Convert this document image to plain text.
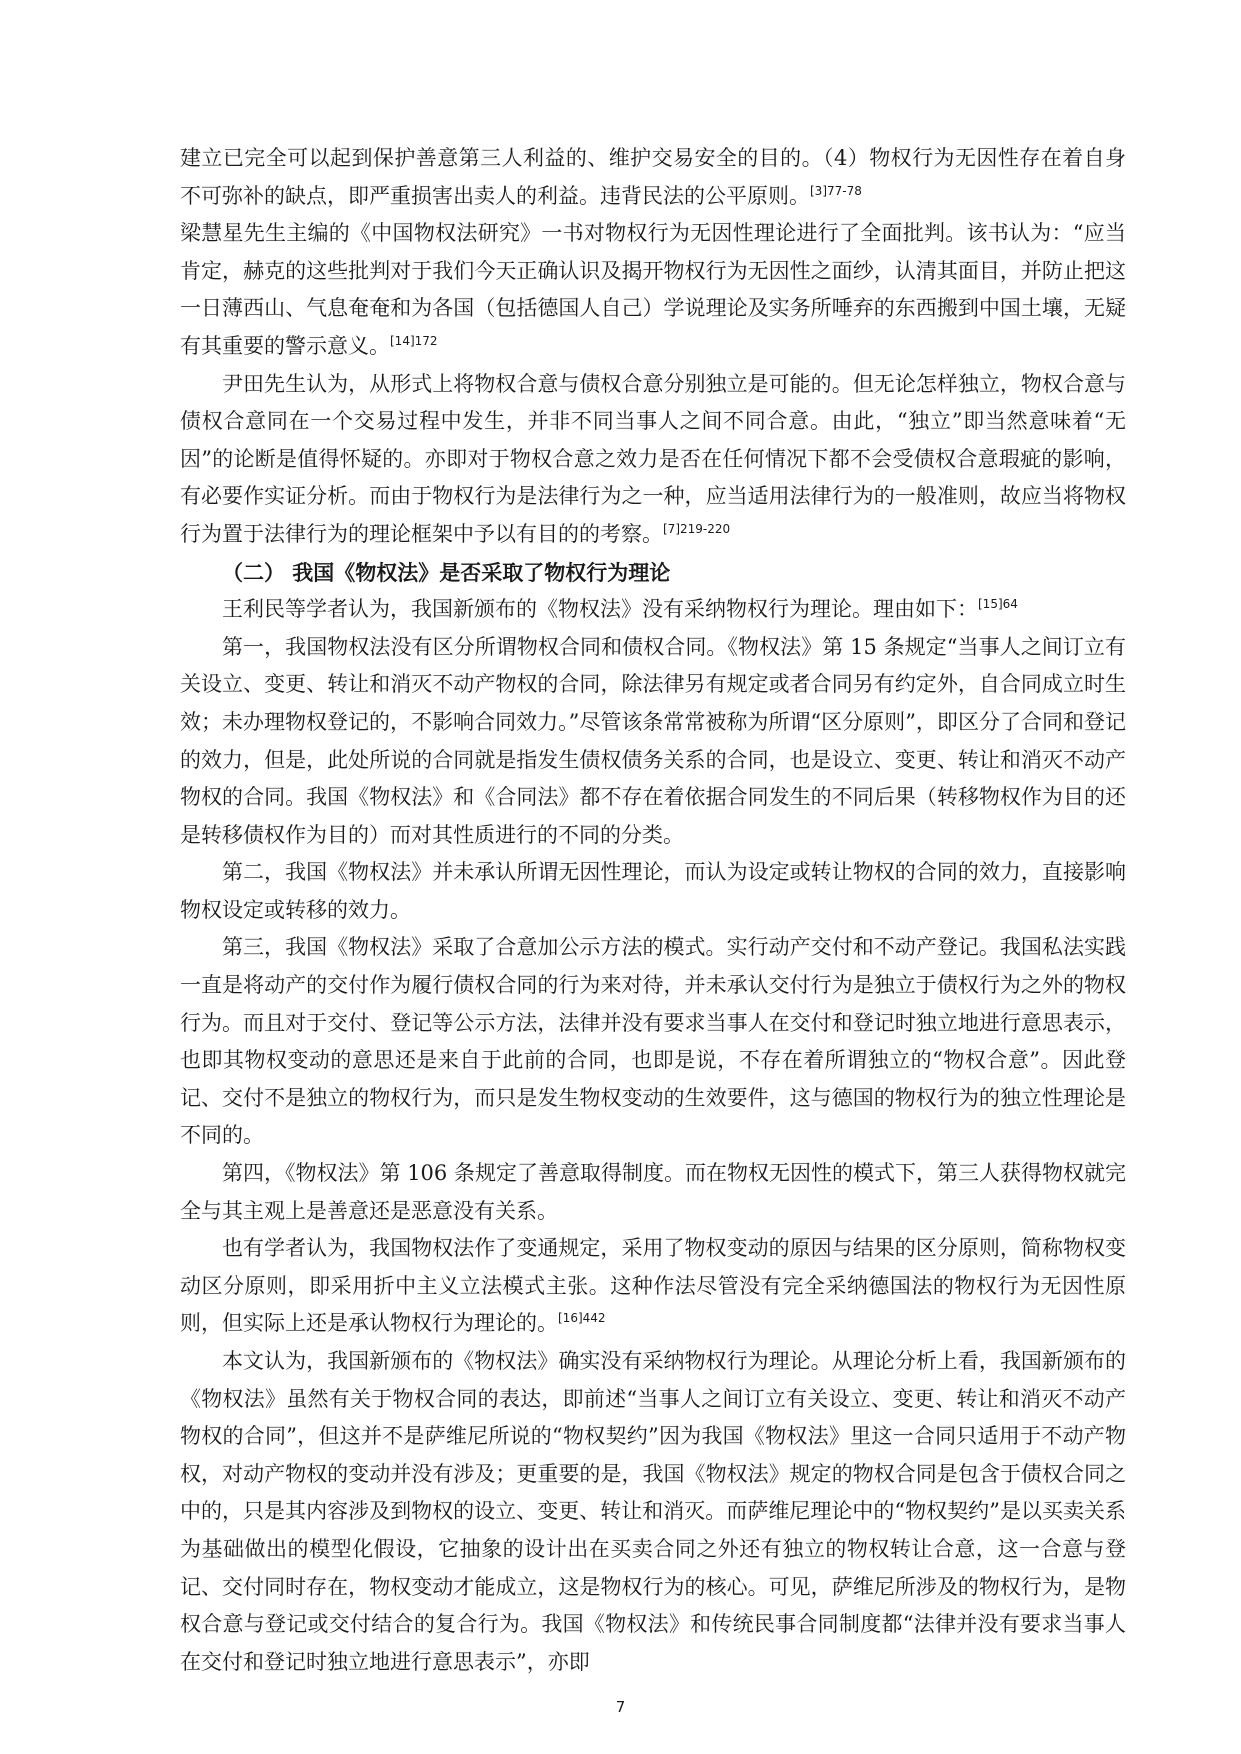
建立已完全可以起到保护善意第三人利益的、维护交易安全的目的。（4）物权行为无因性存在着自身不可弥补的缺点，即严重损害出卖人的利益。违背民法的公平原则。$^{[3]77-78}$

梁慧星先生主编的《中国物权法研究》一书对物权行为无因性理论进行了全面批判。该书认为：“应当肯定，赫克的这些批判对于我们今天正确认识及揭开物权行为无因性之面纱，认清其面目，并防止把这一日薄西山、气息奄奄和为各国（包括德国人自己）学说理论及实务所唾弃的东西搬到中国土壤，无疑有其重要的警示意义。$^{[14]172}$

尹田先生认为，从形式上将物权合意与债权合意分别独立是可能的。但无论怎样独立，物权合意与债权合意同在一个交易过程中发生，并非不同当事人之间不同合意。由此，“独立”即当然意味着“无因”的论断是值得怀疑的。亦即对于物权合意之效力是否在任何情况下都不会受债权合意瑕疵的影响，有必要作实证分析。而由于物权行为是法律行为之一种，应当适用法律行为的一般准则，故应当将物权行为置于法律行为的理论框架中予以有目的的考察。$^{[7]219-220}$

（二） 我国《物权法》是否采取了物权行为理论

王利民等学者认为，我国新颁布的《物权法》没有采纳物权行为理论。理由如下：$^{[15]64}$

第一，我国物权法没有区分所谓物权合同和债权合同。《物权法》第 15 条规定“当事人之间订立有关设立、变更、转让和消灭不动产物权的合同，除法律另有规定或者合同另有约定外，自合同成立时生效；未办理物权登记的，不影响合同效力。”尽管该条常常被称为所谓“区分原则”，即区分了合同和登记的效力，但是，此处所说的合同就是指发生债权债务关系的合同，也是设立、变更、转让和消灭不动产物权的合同。我国《物权法》和《合同法》都不存在着依据合同发生的不同后果（转移物权作为目的还是转移债权作为目的）而对其性质进行的不同的分类。

第二，我国《物权法》并未承认所谓无因性理论，而认为设定或转让物权的合同的效力，直接影响物权设定或转移的效力。

第三，我国《物权法》采取了合意加公示方法的模式。实行动产交付和不动产登记。我国私法实践一直是将动产的交付作为履行债权合同的行为来对待，并未承认交付行为是独立于债权行为之外的物权行为。而且对于交付、登记等公示方法，法律并没有要求当事人在交付和登记时独立地进行意思表示，也即其物权变动的意思还是来自于此前的合同，也即是说，不存在着所谓独立的“物权合意”。因此登记、交付不是独立的物权行为，而只是发生物权变动的生效要件，这与德国的物权行为的独立性理论是不同的。

第四，《物权法》第 106 条规定了善意取得制度。而在物权无因性的模式下，第三人获得物权就完全与其主观上是善意还是恶意没有关系。

也有学者认为，我国物权法作了变通规定，采用了物权变动的原因与结果的区分原则，简称物权变动区分原则，即采用折中主义立法模式主张。这种作法尽管没有完全采纳德国法的物权行为无因性原则，但实际上还是承认物权行为理论的。$^{[16]442}$

本文认为，我国新颁布的《物权法》确实没有采纳物权行为理论。从理论分析上看，我国新颁布的《物权法》虽然有关于物权合同的表达，即前述“当事人之间订立有关设立、变更、转让和消灭不动产物权的合同”，但这并不是萨维尼所说的“物权契约”因为我国《物权法》里这一合同只适用于不动产物权，对动产物权的变动并没有涉及；更重要的是，我国《物权法》规定的物权合同是包含于债权合同之中的，只是其内容涉及到物权的设立、变更、转让和消灭。而萨维尼理论中的“物权契约”是以买卖关系为基础做出的模型化假设，它抽象的设计出在买卖合同之外还有独立的物权转让合意，这一合意与登记、交付同时存在，物权变动才能成立，这是物权行为的核心。可见，萨维尼所涉及的物权行为，是物权合意与登记或交付结合的复合行为。我国《物权法》和传统民事合同制度都“法律并没有要求当事人在交付和登记时独立地进行意思表示”，亦即

7
